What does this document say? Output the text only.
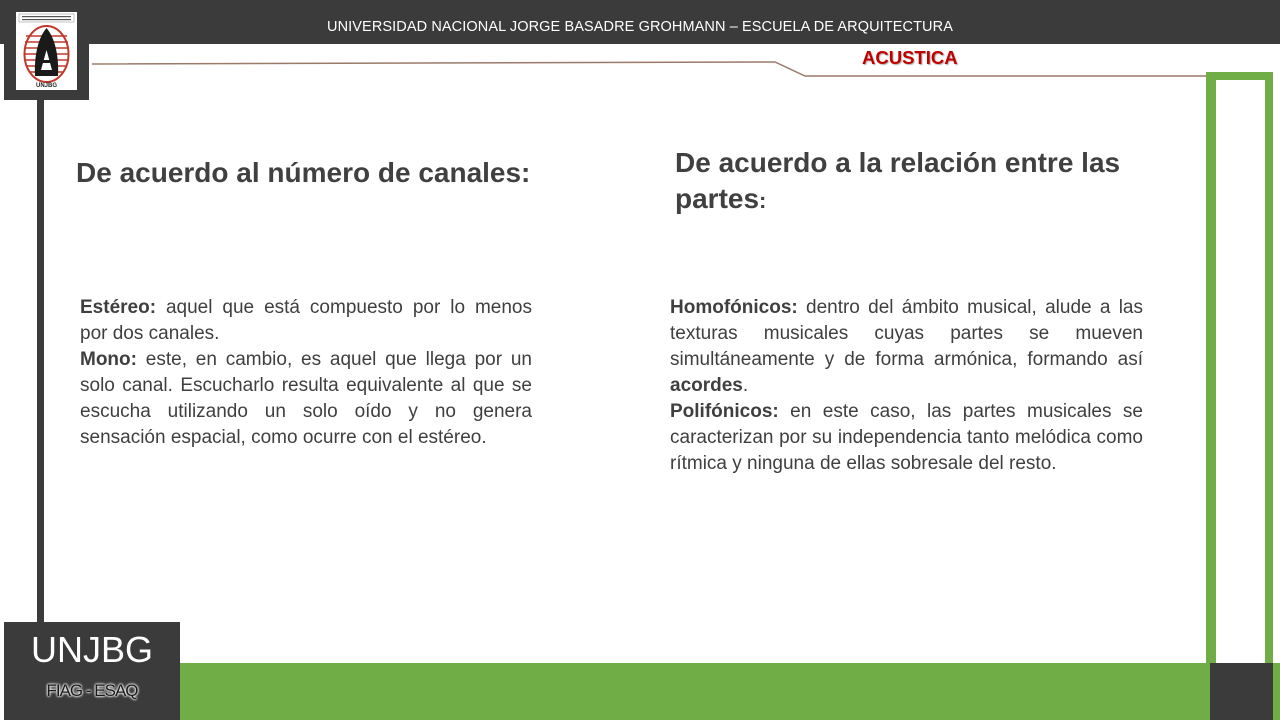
UNIVERSIDAD NACIONAL JORGE BASADRE GROHMANN – ESCUELA DE ARQUITECTURA
ACUSTICA
UNJBG
UNJBG
FIAG - ESAQ
De acuerdo al número de canales:	De acuerdo a la relación entre las partes:

Estéreo: aquel que está compuesto por lo menos por dos canales.

Mono: este, en cambio, es aquel que llega por un solo canal. Escucharlo resulta equivalente al que se escucha utilizando un solo oído y no genera sensación espacial, como ocurre con el estéreo.

Homofónicos: dentro del ámbito musical, alude a las texturas musicales cuyas partes se mueven simultáneamente y de forma armónica, formando así acordes.

Polifónicos: en este caso, las partes musicales se caracterizan por su independencia tanto melódica como rítmica y ninguna de ellas sobresale del resto.
